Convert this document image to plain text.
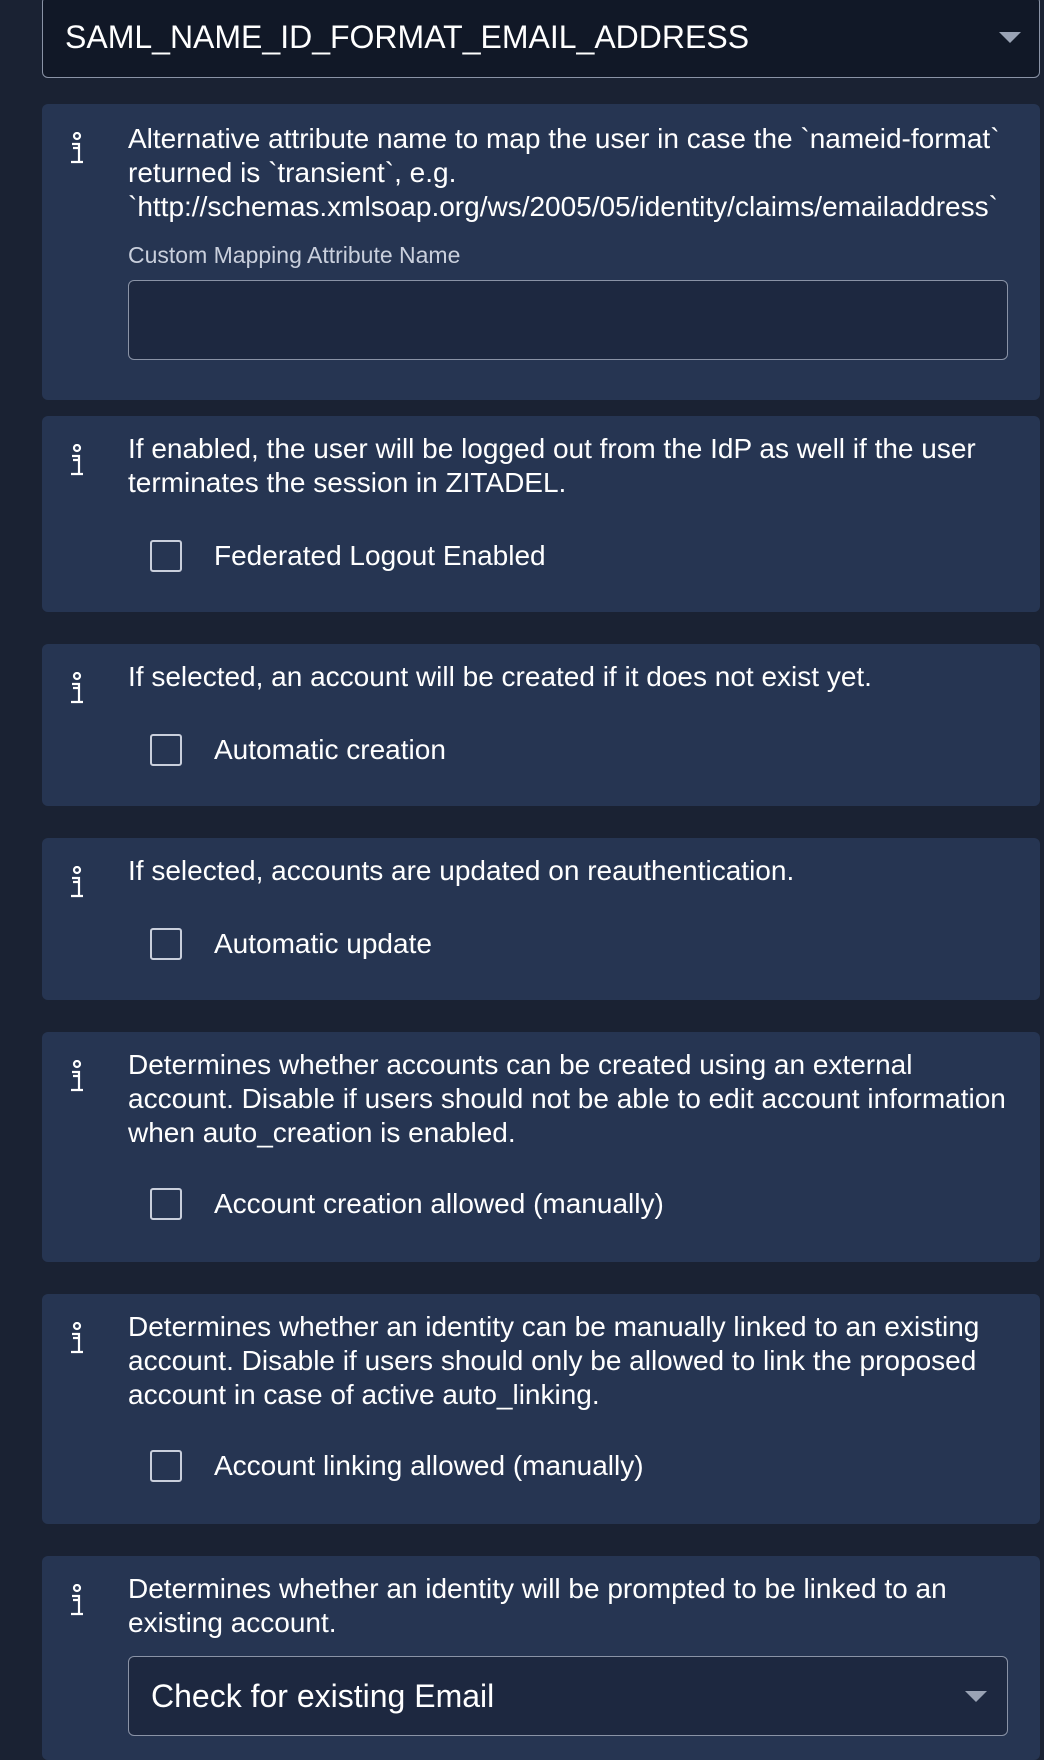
SAML_NAME_ID_FORMAT_EMAIL_ADDRESS
Alternative attribute name to map the user in case the `nameid-format` returned is `transient`, e.g. `http://schemas.xmlsoap.org/ws/2005/05/identity/claims/emailaddress`
Custom Mapping Attribute Name
If enabled, the user will be logged out from the IdP as well if the user terminates the session in ZITADEL.
Federated Logout Enabled
If selected, an account will be created if it does not exist yet.
Automatic creation
If selected, accounts are updated on reauthentication.
Automatic update
Determines whether accounts can be created using an external account. Disable if users should not be able to edit account information when auto_creation is enabled.
Account creation allowed (manually)
Determines whether an identity can be manually linked to an existing account. Disable if users should only be allowed to link the proposed account in case of active auto_linking.
Account linking allowed (manually)
Determines whether an identity will be prompted to be linked to an existing account.
Check for existing Email
